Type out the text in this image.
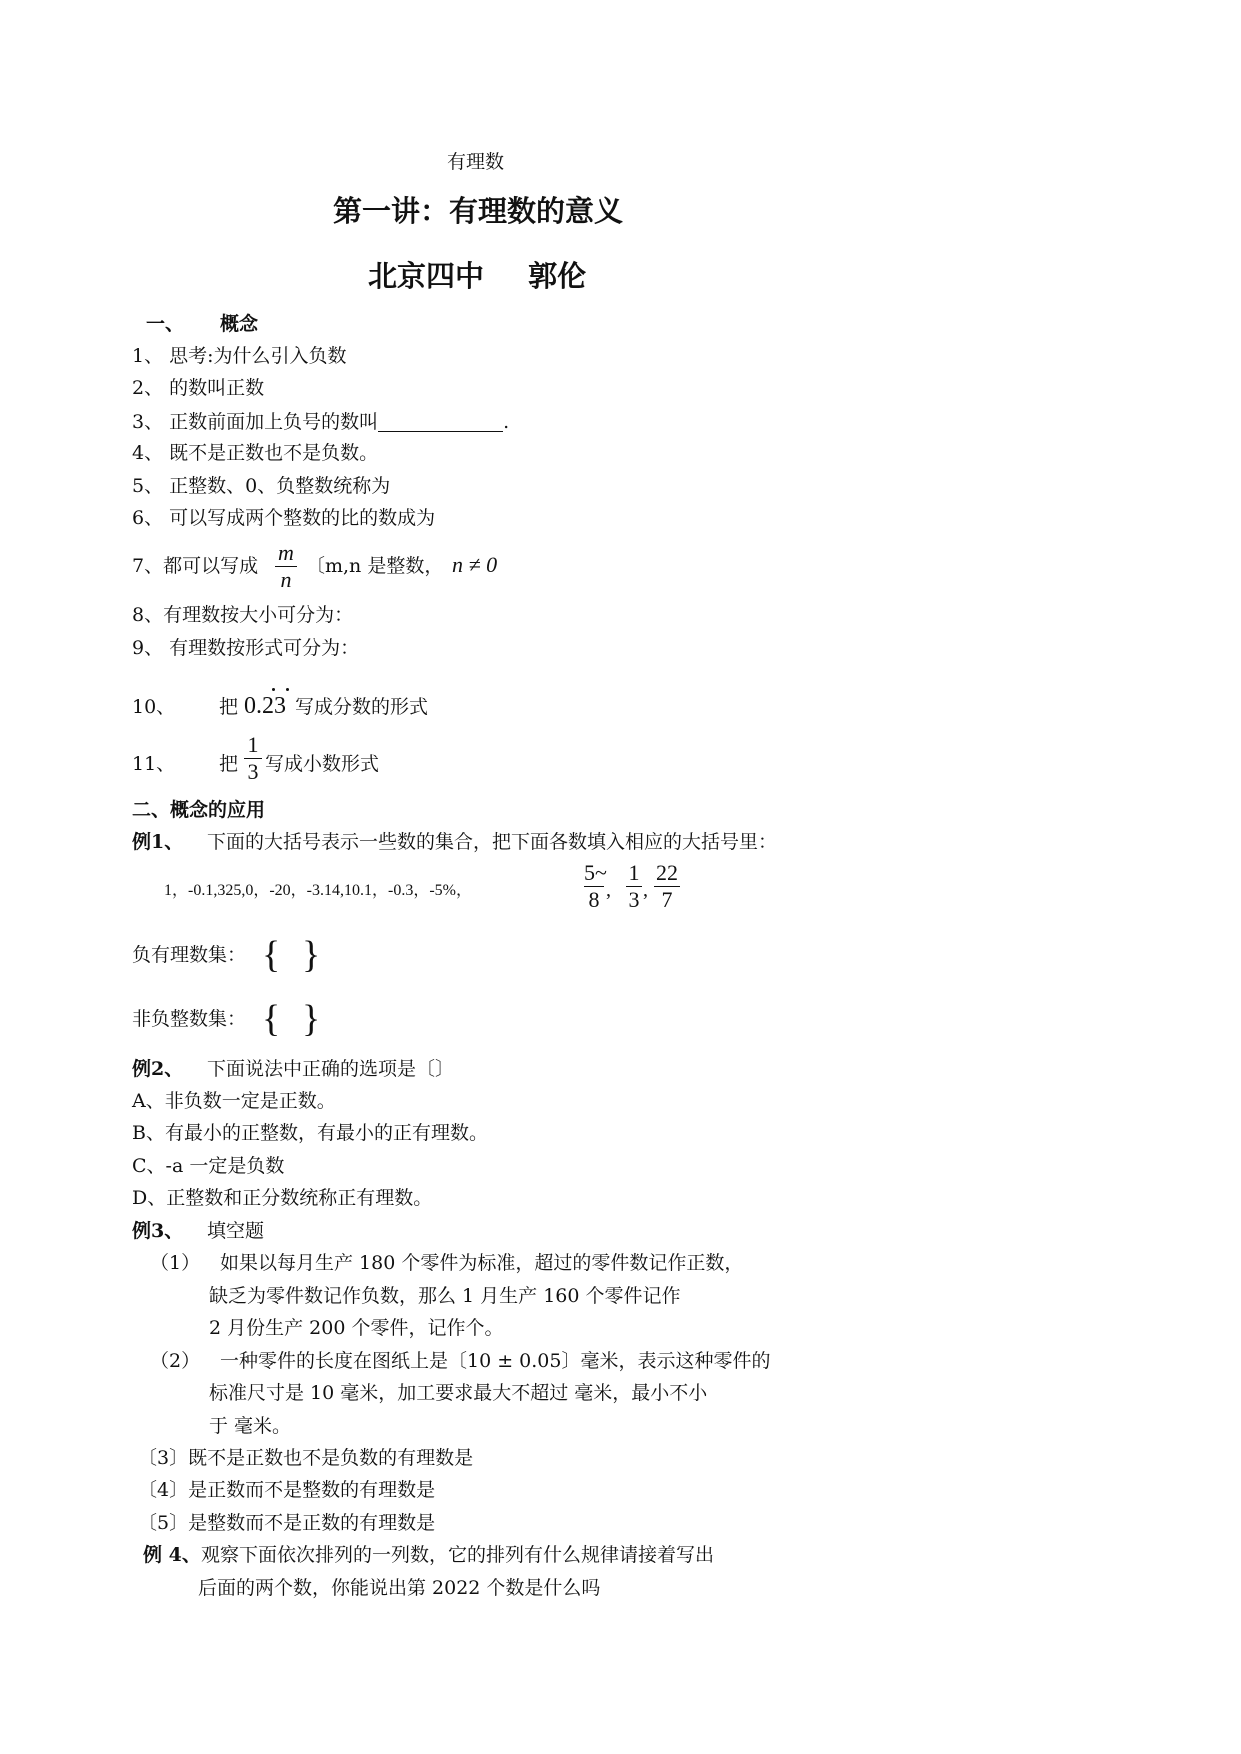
有理数
第一讲：有理数的意义
北京四中 郭伦
一、 概念
1、 思考:为什么引入负数
2、 的数叫正数
3、 正数前面加上负号的数叫	.
4、 既不是正数也不是负数。
5、 正整数、0、负整数统称为
6、 可以写成两个整数的比的数成为
7、都可以写成
m
n
〔m,n 是整数， n ≠ 0
8、有理数按大小可分为：
9、 有理数按形式可分为：
10、 把 0.23 写成分数的形式
11、 把
1
3 写成小数形式
二、概念的应用
例1、 下面的大括号表示一些数的集合，把下面各数填入相应的大括号里：
1，-0.1,325,0，-20，-3.14,10.1，-0.3，-5%，
5~
8 ,
1
3 ,
22
7
负有理数集： { }
非负整数集： { }
例2、 下面说法中正确的选项是〔〕
A、非负数一定是正数。
B、有最小的正整数，有最小的正有理数。
C、-a 一定是负数
D、正整数和正分数统称正有理数。
例3、 填空题
（1） 如果以每月生产 180 个零件为标准，超过的零件数记作正数，
缺乏为零件数记作负数，那么 1 月生产 160 个零件记作
2 月份生产 200 个零件，记作个。
（2） 一种零件的长度在图纸上是〔10 ± 0.05〕毫米，表示这种零件的
标准尺寸是 10 毫米，加工要求最大不超过 毫米，最小不小
于 毫米。
〔3〕既不是正数也不是负数的有理数是
〔4〕是正数而不是整数的有理数是
〔5〕是整数而不是正数的有理数是
例 4、 观察下面依次排列的一列数，它的排列有什么规律请接着写出
后面的两个数，你能说出第 2022 个数是什么吗
